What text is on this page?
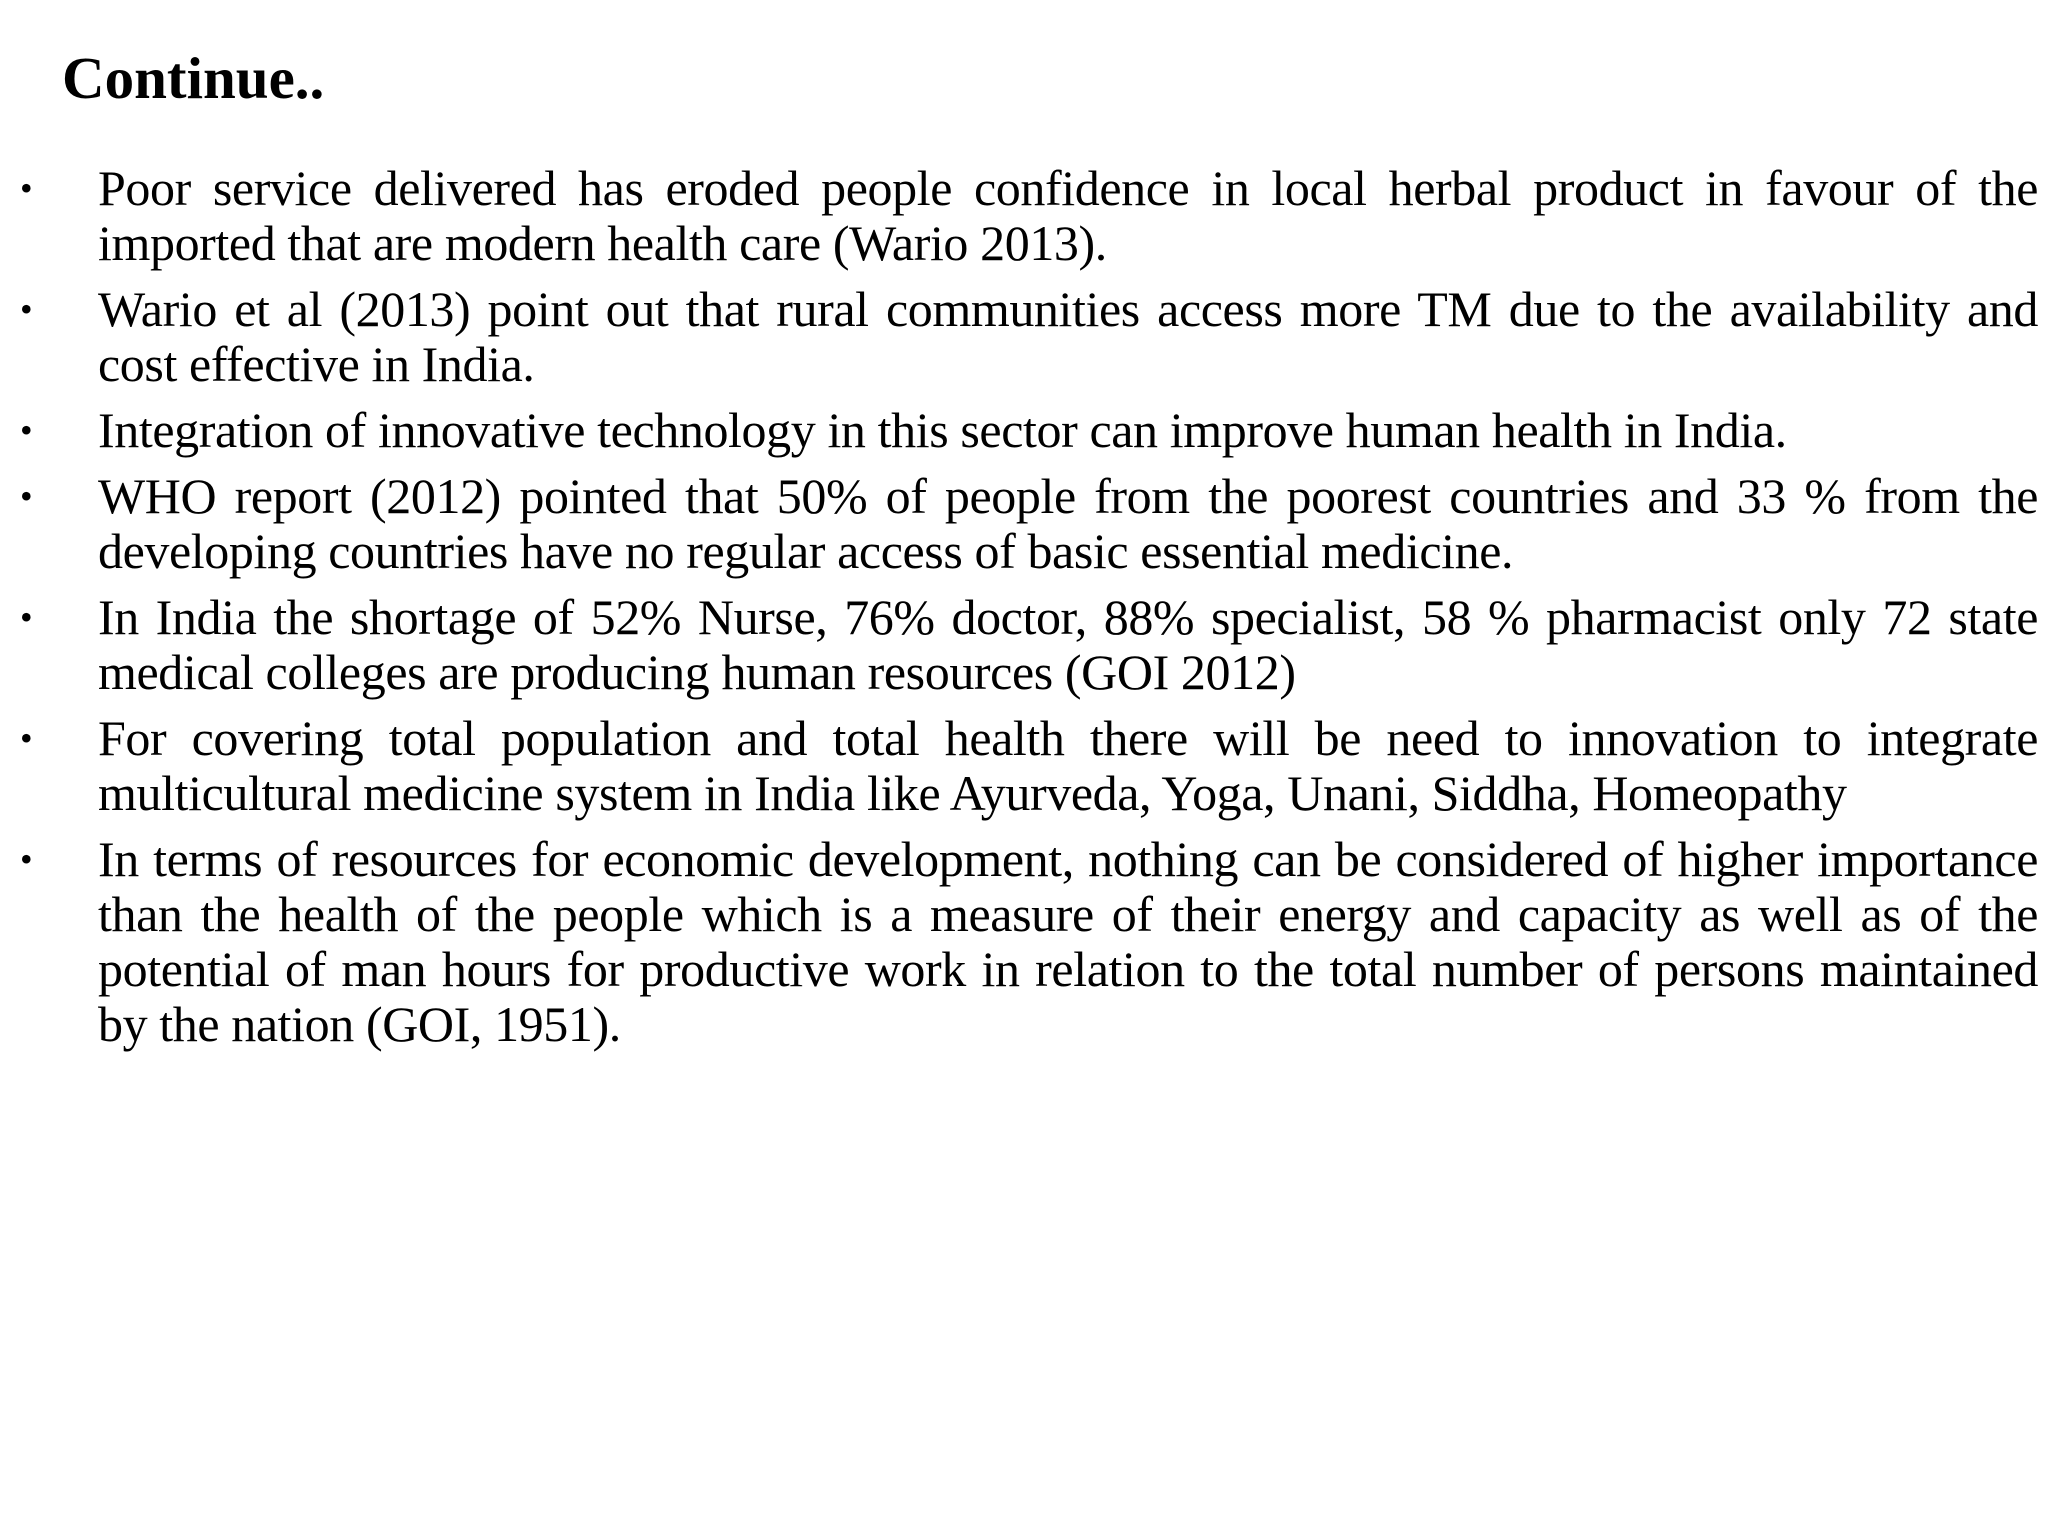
Continue..
•	Poor service delivered has eroded people confidence in local herbal product in favour of the imported that are modern health care (Wario 2013).
•	Wario et al (2013) point out that rural communities access more TM due to the availability and cost effective in India.
•	Integration of innovative technology in this sector can improve human health in India.
•	WHO report (2012) pointed that 50% of people from the poorest countries and 33 % from the developing countries have no regular access of basic essential medicine.
•	In India the shortage of 52% Nurse, 76% doctor, 88% specialist, 58 % pharmacist only 72 state medical colleges are producing human resources (GOI 2012)
•	For covering total population and total health there will be need to innovation to integrate multicultural medicine system in India like Ayurveda, Yoga, Unani, Siddha, Homeopathy
•	In terms of resources for economic development, nothing can be considered of higher importance than the health of the people which is a measure of their energy and capacity as well as of the potential of man hours for productive work in relation to the total number of persons maintained by the nation (GOI, 1951).
